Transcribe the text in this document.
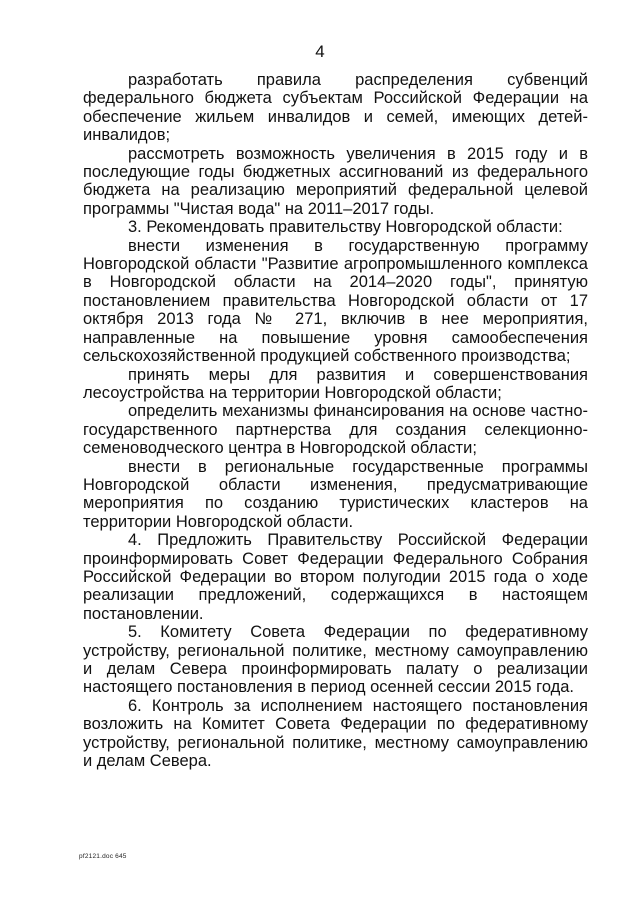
4

разработать правила распределения субвенций федерального бюджета субъектам Российской Федерации на обеспечение жильем инвалидов и семей, имеющих детей-инвалидов;

рассмотреть возможность увеличения в 2015 году и в последующие годы бюджетных ассигнований из федерального бюджета на реализацию мероприятий федеральной целевой программы "Чистая вода" на 2011–2017 годы.

3. Рекомендовать правительству Новгородской области:

внести изменения в государственную программу Новгородской области "Развитие агропромышленного комплекса в Новгородской области на 2014–2020 годы", принятую постановлением правительства Новгородской области от 17 октября 2013 года № 271, включив в нее мероприятия, направленные на повышение уровня самообеспечения сельскохозяйственной продукцией собственного производства;

принять меры для развития и совершенствования лесоустройства на территории Новгородской области;

определить механизмы финансирования на основе частно-государственного партнерства для создания селекционно-семеноводческого центра в Новгородской области;

внести в региональные государственные программы Новгородской области изменения, предусматривающие мероприятия по созданию туристических кластеров на территории Новгородской области.

4. Предложить Правительству Российской Федерации проинформировать Совет Федерации Федерального Собрания Российской Федерации во втором полугодии 2015 года о ходе реализации предложений, содержащихся в настоящем постановлении.

5. Комитету Совета Федерации по федеративному устройству, региональной политике, местному самоуправлению и делам Севера проинформировать палату о реализации настоящего постановления в период осенней сессии 2015 года.

6. Контроль за исполнением настоящего постановления возложить на Комитет Совета Федерации по федеративному устройству, региональной политике, местному самоуправлению и делам Севера.

pf2121.doc 645
